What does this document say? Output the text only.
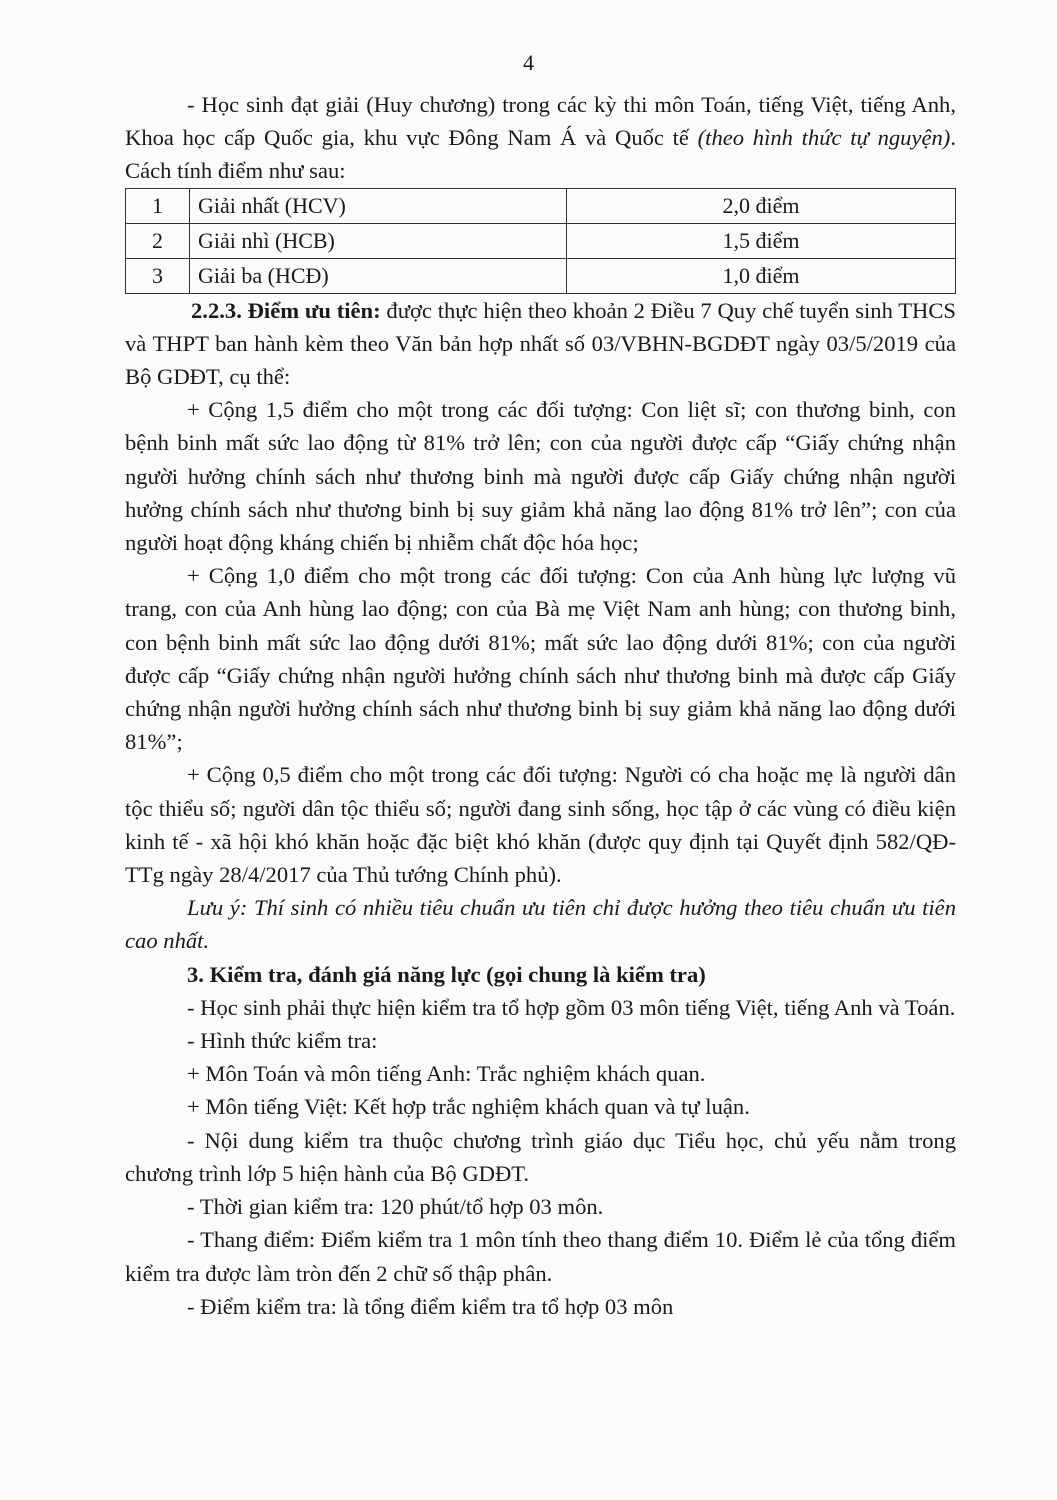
4

- Học sinh đạt giải (Huy chương) trong các kỳ thi môn Toán, tiếng Việt, tiếng Anh, Khoa học cấp Quốc gia, khu vực Đông Nam Á và Quốc tế (theo hình thức tự nguyện). Cách tính điểm như sau:

1	Giải nhất (HCV)	2,0 điểm
2	Giải nhì (HCB)	1,5 điểm
3	Giải ba (HCĐ)	1,0 điểm

2.2.3. Điểm ưu tiên: được thực hiện theo khoản 2 Điều 7 Quy chế tuyển sinh THCS và THPT ban hành kèm theo Văn bản hợp nhất số 03/VBHN-BGDĐT ngày 03/5/2019 của Bộ GDĐT, cụ thể:

+ Cộng 1,5 điểm cho một trong các đối tượng: Con liệt sĩ; con thương binh, con bệnh binh mất sức lao động từ 81% trở lên; con của người được cấp “Giấy chứng nhận người hưởng chính sách như thương binh mà người được cấp Giấy chứng nhận người hưởng chính sách như thương binh bị suy giảm khả năng lao động 81% trở lên”; con của người hoạt động kháng chiến bị nhiễm chất độc hóa học;

+ Cộng 1,0 điểm cho một trong các đối tượng: Con của Anh hùng lực lượng vũ trang, con của Anh hùng lao động; con của Bà mẹ Việt Nam anh hùng; con thương binh, con bệnh binh mất sức lao động dưới 81%; mất sức lao động dưới 81%; con của người được cấp “Giấy chứng nhận người hưởng chính sách như thương binh mà được cấp Giấy chứng nhận người hưởng chính sách như thương binh bị suy giảm khả năng lao động dưới 81%”;

+ Cộng 0,5 điểm cho một trong các đối tượng: Người có cha hoặc mẹ là người dân tộc thiểu số; người dân tộc thiểu số; người đang sinh sống, học tập ở các vùng có điều kiện kinh tế - xã hội khó khăn hoặc đặc biệt khó khăn (được quy định tại Quyết định 582/QĐ-TTg ngày 28/4/2017 của Thủ tướng Chính phủ).

Lưu ý: Thí sinh có nhiều tiêu chuẩn ưu tiên chỉ được hưởng theo tiêu chuẩn ưu tiên cao nhất.

3. Kiểm tra, đánh giá năng lực (gọi chung là kiểm tra)

- Học sinh phải thực hiện kiểm tra tổ hợp gồm 03 môn tiếng Việt, tiếng Anh và Toán.

- Hình thức kiểm tra:

+ Môn Toán và môn tiếng Anh: Trắc nghiệm khách quan.

+ Môn tiếng Việt: Kết hợp trắc nghiệm khách quan và tự luận.

- Nội dung kiểm tra thuộc chương trình giáo dục Tiểu học, chủ yếu nằm trong chương trình lớp 5 hiện hành của Bộ GDĐT.

- Thời gian kiểm tra: 120 phút/tổ hợp 03 môn.

- Thang điểm: Điểm kiểm tra 1 môn tính theo thang điểm 10. Điểm lẻ của tổng điểm kiểm tra được làm tròn đến 2 chữ số thập phân.

- Điểm kiểm tra: là tổng điểm kiểm tra tổ hợp 03 môn
